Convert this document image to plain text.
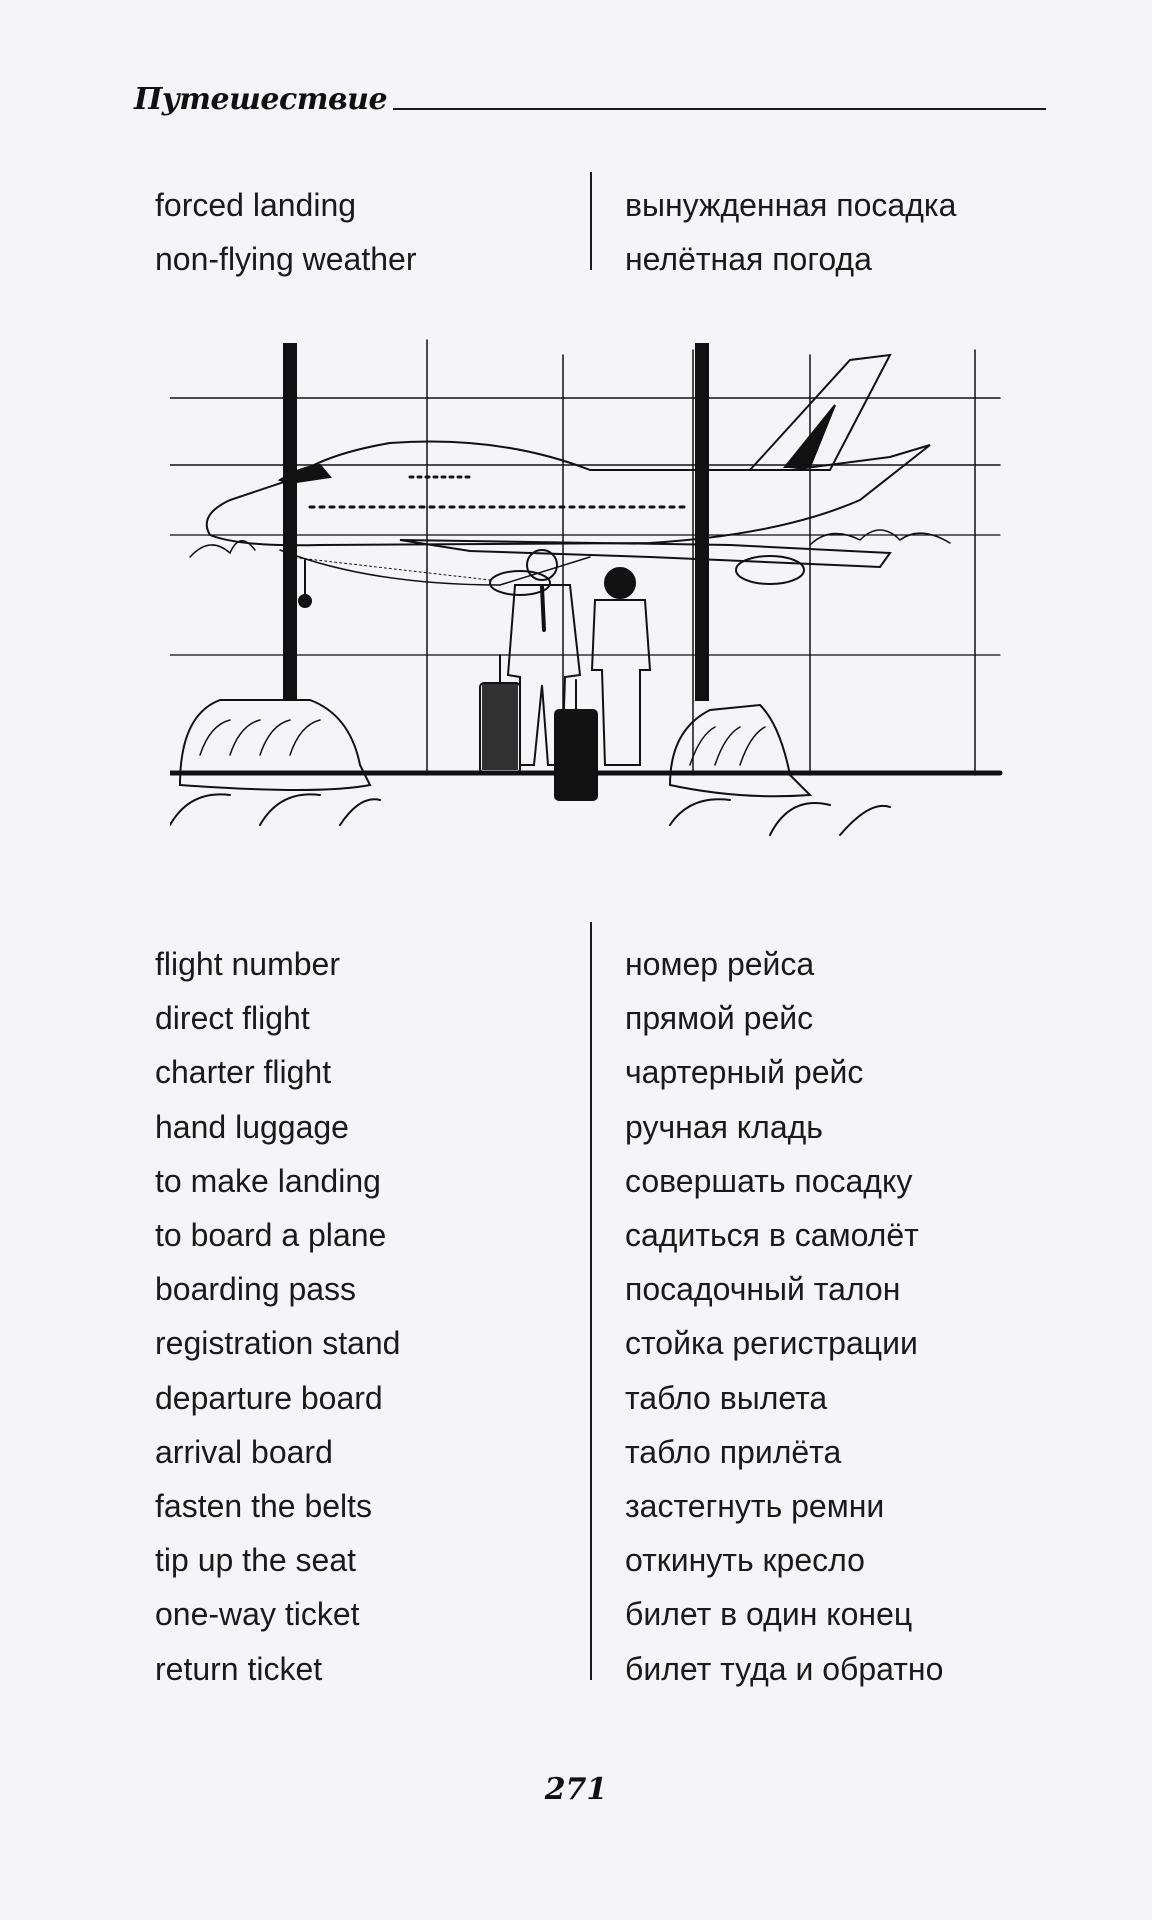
Путешествие
forced landing	вынужденная посадка
non-flying weather	нелётная погода
flight number	номер рейса
direct flight	прямой рейс
charter flight	чартерный рейс
hand luggage	ручная кладь
to make landing	совершать посадку
to board a plane	садиться в самолёт
boarding pass	посадочный талон
registration stand	стойка регистрации
departure board	табло вылета
arrival board	табло прилёта
fasten the belts	застегнуть ремни
tip up the seat	откинуть кресло
one-way ticket	билет в один конец
return ticket	билет туда и обратно
271
